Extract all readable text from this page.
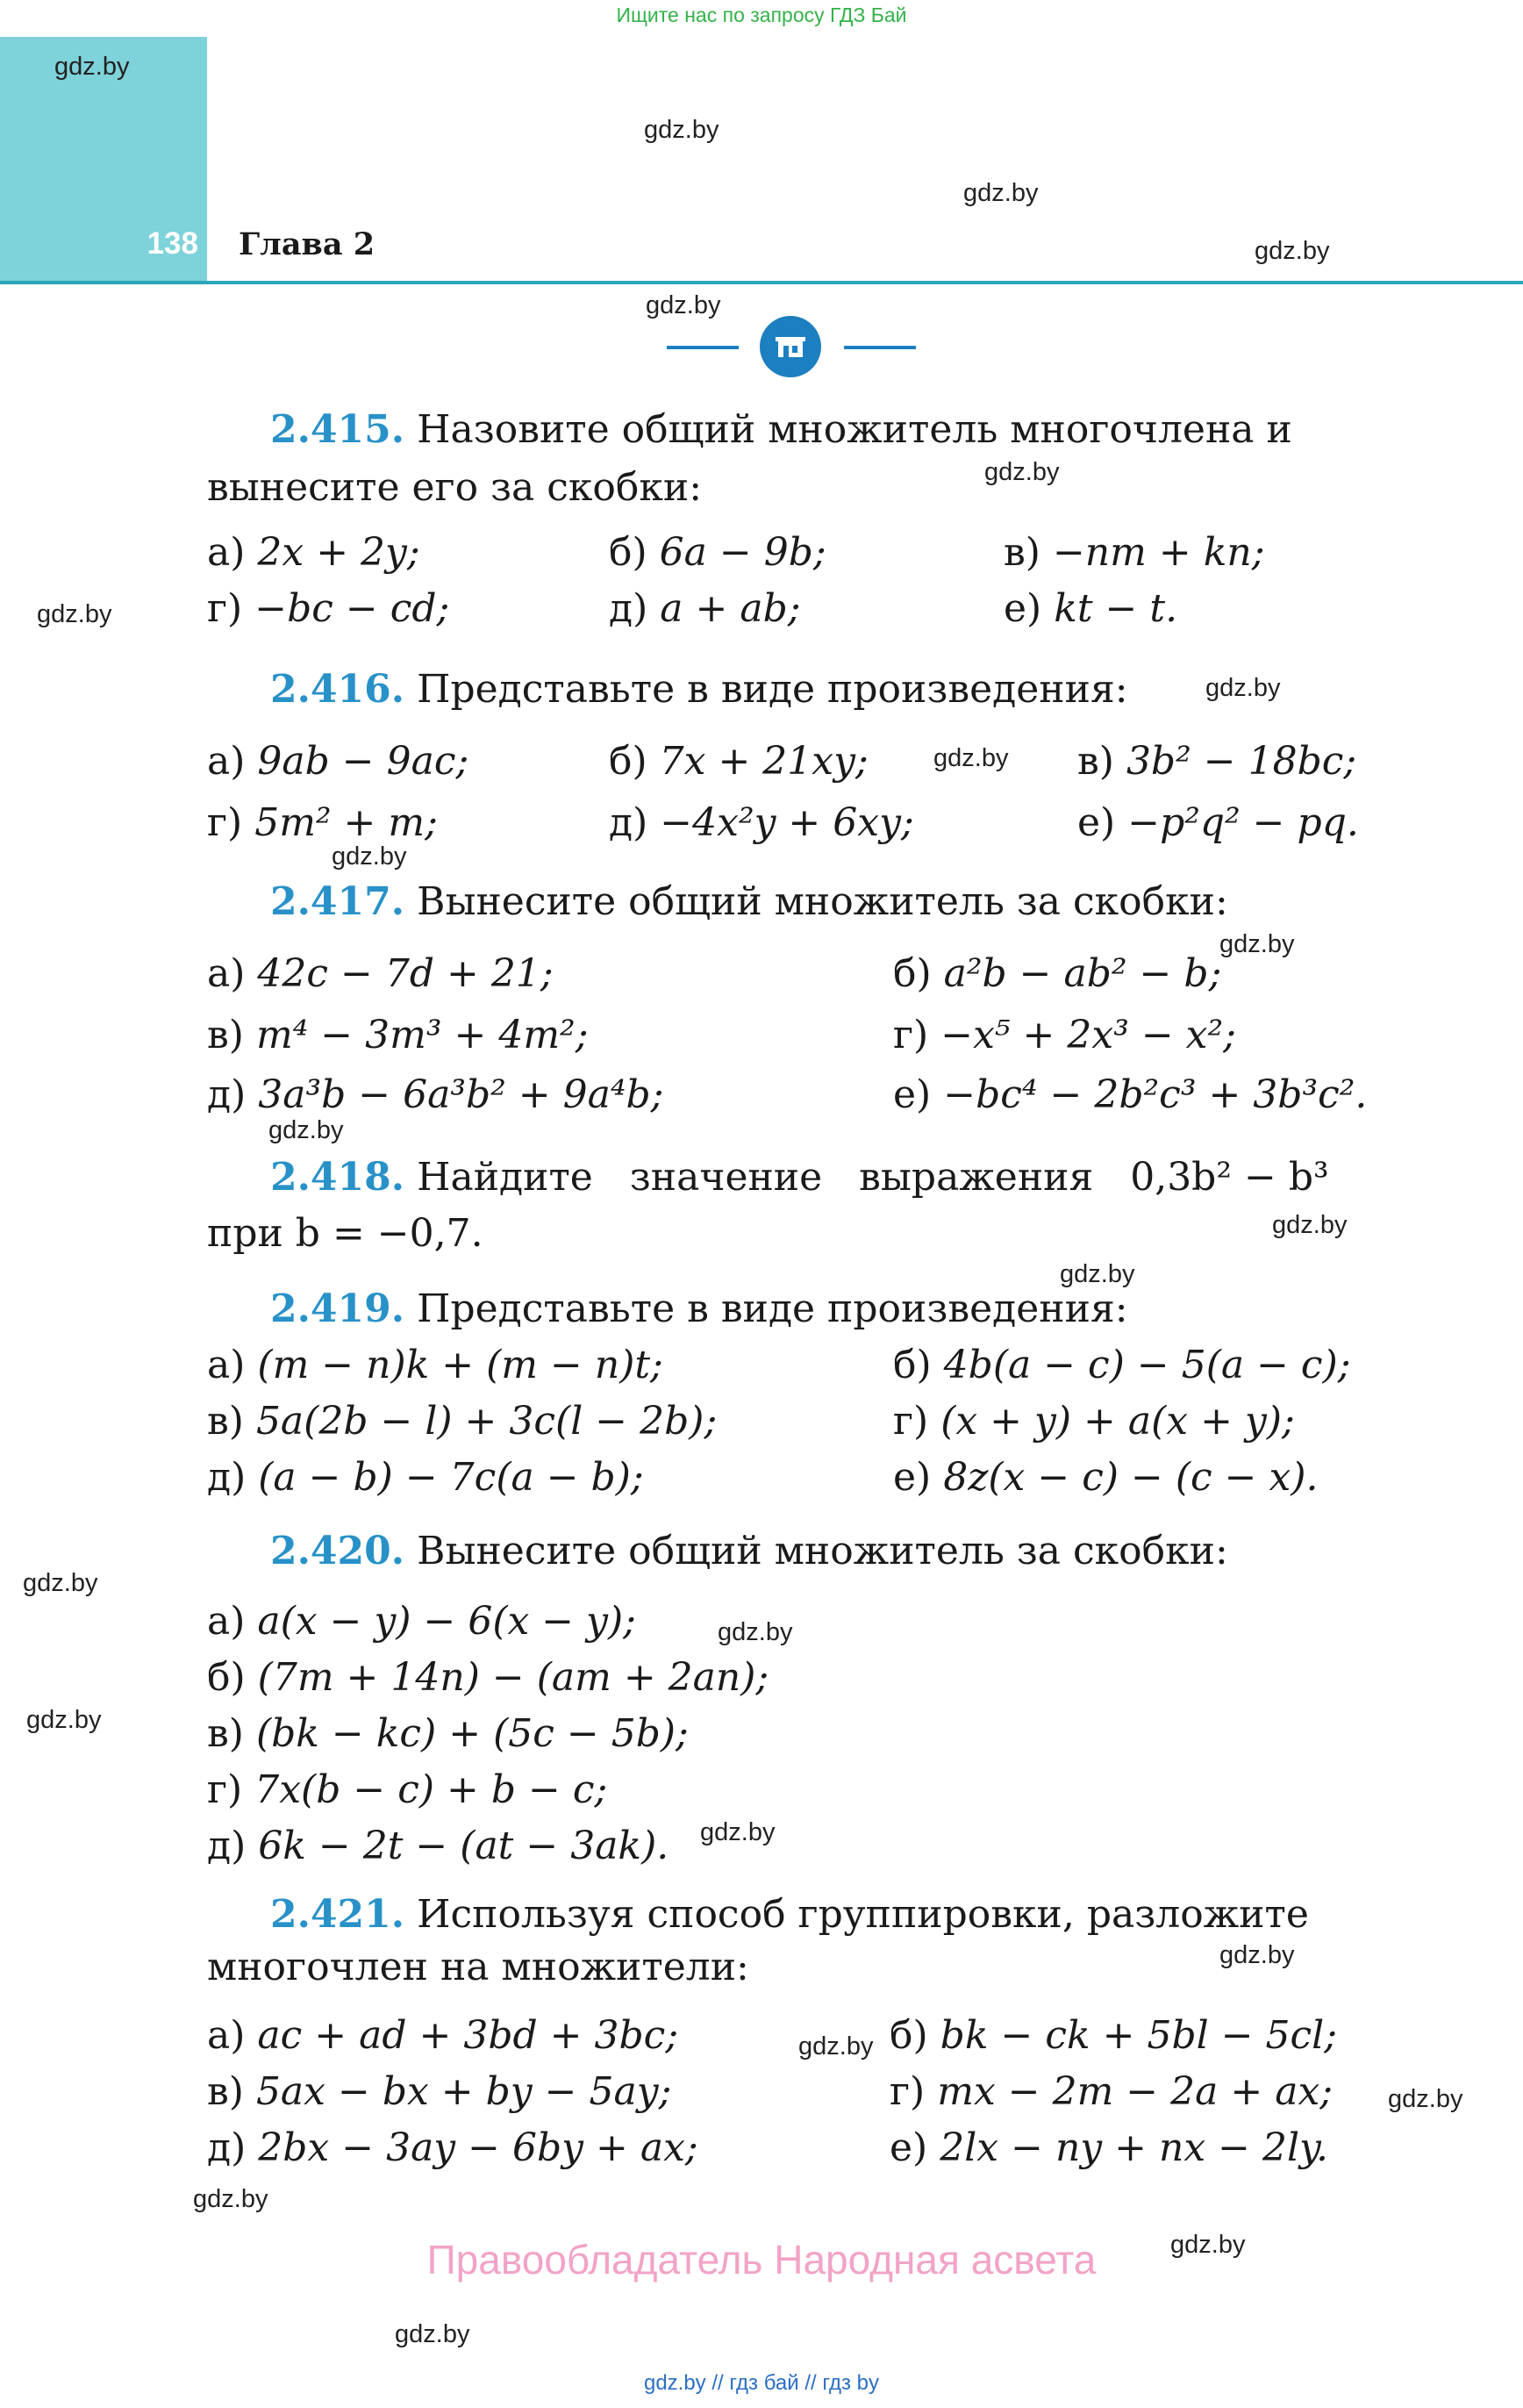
Ищите нас по запросу ГДЗ Бай
138 Глава 2
2.415. Назовите общий множитель многочлена и
вынесите его за скобки:
а) 2x + 2y;	б) 6a − 9b;	в) −nm + kn;
г) −bc − cd;	д) a + ab;	е) kt − t.
2.416. Представьте в виде произведения:
а) 9ab − 9ac;	б) 7x + 21xy;	в) 3b² − 18bc;
г) 5m² + m;	д) −4x²y + 6xy;	е) −p²q² − pq.
2.417. Вынесите общий множитель за скобки:
а) 42c − 7d + 21;	б) a²b − ab² − b;
в) m⁴ − 3m³ + 4m²;	г) −x⁵ + 2x³ − x²;
д) 3a³b − 6a³b² + 9a⁴b;	е) −bc⁴ − 2b²c³ + 3b³c².
2.418. Найдите   значение   выражения   0,3b² − b³
при b = −0,7.
2.419. Представьте в виде произведения:
а) (m − n)k + (m − n)t;	б) 4b(a − c) − 5(a − c);
в) 5a(2b − l) + 3c(l − 2b);	г) (x + y) + a(x + y);
д) (a − b) − 7c(a − b);	е) 8z(x − c) − (c − x).
2.420. Вынесите общий множитель за скобки:
а) a(x − y) − 6(x − y);
б) (7m + 14n) − (am + 2an);
в) (bk − kc) + (5c − 5b);
г) 7x(b − c) + b − c;
д) 6k − 2t − (at − 3ak).
2.421. Используя способ группировки, разложите
многочлен на множители:
а) ac + ad + 3bd + 3bc;	б) bk − ck + 5bl − 5cl;
в) 5ax − bx + by − 5ay;	г) mx − 2m − 2a + ax;
д) 2bx − 3ay − 6by + ax;	е) 2lx − ny + nx − 2ly.
gdz.by
gdz.by
gdz.by
gdz.by
gdz.by
gdz.by
gdz.by
gdz.by
gdz.by
gdz.by
gdz.by
gdz.by
gdz.by
gdz.by
gdz.by
gdz.by
gdz.by
gdz.by
gdz.by
gdz.by
gdz.by
gdz.by
gdz.by
gdz.by
Правообладатель Народная асвета
gdz.by // гдз бай // гдз by
